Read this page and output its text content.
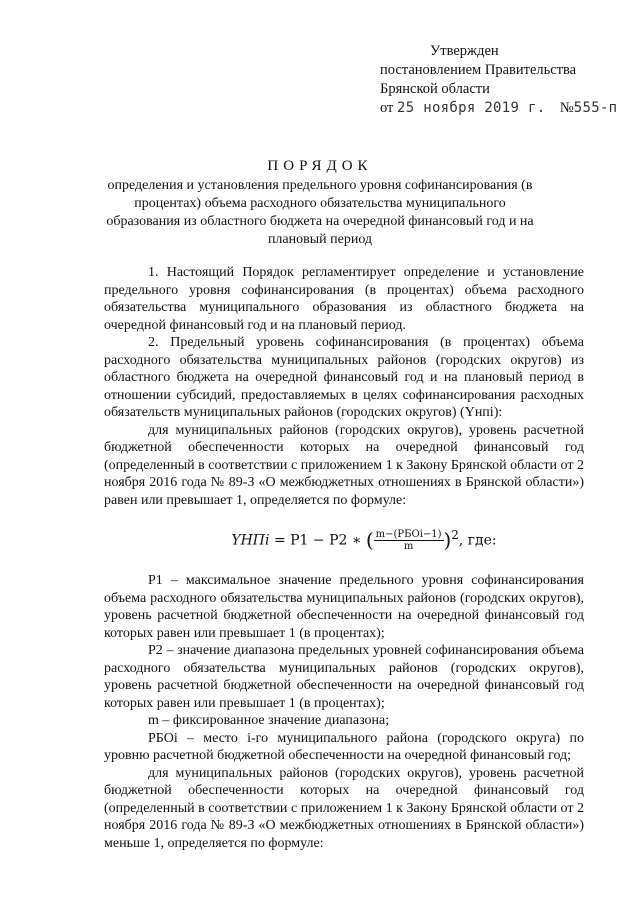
Утвержден
постановлением Правительства
Брянской области
от 25 ноября 2019 г. №555-п
ПОРЯДОК
определения и установления предельного уровня софинансирования (в процентах) объема расходного обязательства муниципального образования из областного бюджета на очередной финансовый год и на плановый период

1. Настоящий Порядок регламентирует определение и установление предельного уровня софинансирования (в процентах) объема расходного обязательства муниципального образования из областного бюджета на очередной финансовый год и на плановый период.

2. Предельный уровень софинансирования (в процентах) объема расходного обязательства муниципальных районов (городских округов) из областного бюджета на очередной финансовый год и на плановый период в отношении субсидий, предоставляемых в целях софинансирования расходных обязательств муниципальных районов (городских округов) (Yнпi):

для муниципальных районов (городских округов), уровень расчетной бюджетной обеспеченности которых на очередной финансовый год (определенный в соответствии с приложением 1 к Закону Брянской области от 2 ноября 2016 года № 89-З «О межбюджетных отношениях в Брянской области») равен или превышает 1, определяется по формуле:

YНПi = P1 − P2 ∗ ( $\frac{\text{m−(РБОi−1)}}{m} )^2$, где:

P1 – максимальное значение предельного уровня софинансирования объема расходного обязательства муниципальных районов (городских округов), уровень расчетной бюджетной обеспеченности на очередной финансовый год которых равен или превышает 1 (в процентах);

P2 – значение диапазона предельных уровней софинансирования объема расходного обязательства муниципальных районов (городских округов), уровень расчетной бюджетной обеспеченности на очередной финансовый год которых равен или превышает 1 (в процентах);

m – фиксированное значение диапазона;

РБОi – место i-го муниципального района (городского округа) по уровню расчетной бюджетной обеспеченности на очередной финансовый год;

для муниципальных районов (городских округов), уровень расчетной бюджетной обеспеченности которых на очередной финансовый год (определенный в соответствии с приложением 1 к Закону Брянской области от 2 ноября 2016 года № 89-З «О межбюджетных отношениях в Брянской области») меньше 1, определяется по формуле:
